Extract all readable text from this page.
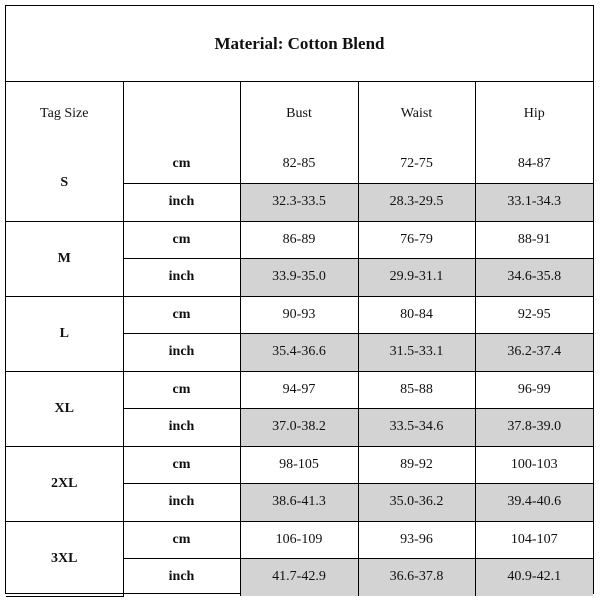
Material: Cotton Blend
Tag Size		Bust	Waist	Hip
S	cm	82-85	72-75	84-87
	inch	32.3-33.5	28.3-29.5	33.1-34.3
M	cm	86-89	76-79	88-91
	inch	33.9-35.0	29.9-31.1	34.6-35.8
L	cm	90-93	80-84	92-95
	inch	35.4-36.6	31.5-33.1	36.2-37.4
XL	cm	94-97	85-88	96-99
	inch	37.0-38.2	33.5-34.6	37.8-39.0
2XL	cm	98-105	89-92	100-103
	inch	38.6-41.3	35.0-36.2	39.4-40.6
3XL	cm	106-109	93-96	104-107
	inch	41.7-42.9	36.6-37.8	40.9-42.1
